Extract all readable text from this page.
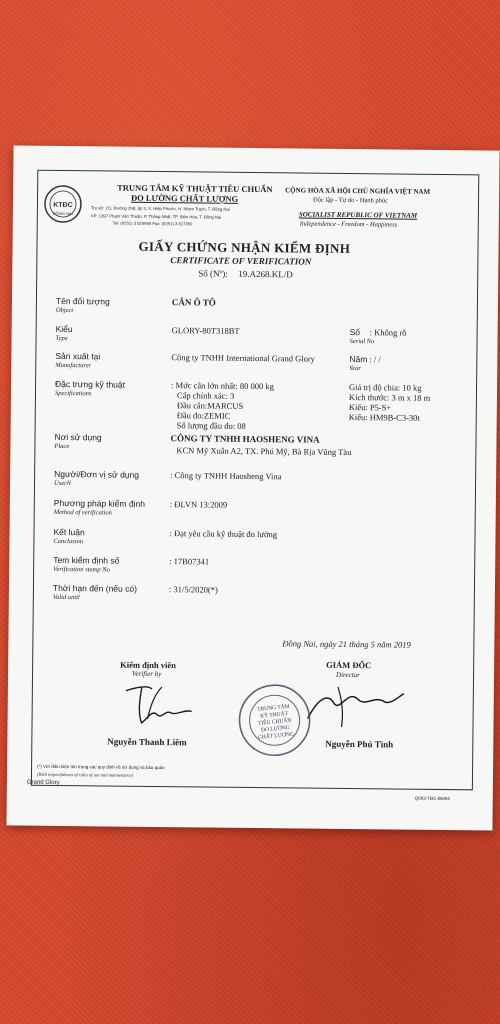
KTĐC
ĐỒNG NAI
TRUNG TÂM KỸ THUẬT TIÊU CHUẨN
ĐO LƯỜNG CHẤT LƯỢNG
Trụ sở: 2/1, Đường 25B, ấp 3, X. Hiệp Phước, H. Nhơn Trạch, T. Đồng Nai
VP: 1397 Phạm Văn Thuận, P. Thống Nhất, TP. Biên Hòa, T. Đồng Nai
Tel: (0251) 3 825565 Fax: (0251) 3 817350
CỘNG HÒA XÃ HỘI CHỦ NGHĨA VIỆT NAM
Độc lập - Tự do - Hạnh phúc
SOCIALIST REPUBLIC OF VIETNAM
Independence - Freedom - Happiness
GIẤY CHỨNG NHẬN KIỂM ĐỊNH
CERTIFICATE OF VERIFICATION
Số (Nº): 19.A268.KL/D
Tên đối tượng
Object
CÂN Ô TÔ
Kiểu
Type
GLORY-80T318BT	Số
Serial No
: Không rõ
Sản xuất tại
Manufacturer
Công ty TNHH International Grand Glory	Năm
Year
: / /
Đặc trưng kỹ thuật
Specifications
: Mức cân lớn nhất: 80 000 kg
Cấp chính xác: 3
Đầu cân:MARCUS
Đầu đo:ZEMIC
Số lượng đầu đo: 08
Giá trị độ chia: 10 kg
Kích thước: 3 m x 18 m
Kiểu: P5-S+
Kiểu: HM9B-C3-30t
Nơi sử dụng
Place
CÔNG TY TNHH HAOSHENG VINA
KCN Mỹ Xuân A2, TX. Phú Mỹ, Bà Rịa Vũng Tàu
Người/Đơn vị sử dụng
UserN
: Công ty TNHH Haosheng Vina
Phương pháp kiểm định
Method of verification
: ĐLVN 13:2009
Kết luận
Conclusion
: Đạt yêu cầu kỹ thuật đo lường
Tem kiểm định số
Verification stamp No
: 17B07341
Thời hạn đến (nếu có)
Valid until
: 31/5/2020(*)
Đồng Nai, ngày 21 tháng 5 năm 2019
Kiểm định viên
Verifier by
Nguyễn Thanh Liêm
GIÁM ĐỐC
Director
Nguyễn Phú Tình
TRUNG TÂM
KỸ THUẬT
TIÊU CHUẨN
ĐO LƯỜNG
CHẤT LƯỢNG
(*) Với điều kiện tôn trọng các quy định về sử dụng và bảo quản
(With respectfulness of rules of use and maintenance)
Grand Glory
Q003-TĐC-BM04
